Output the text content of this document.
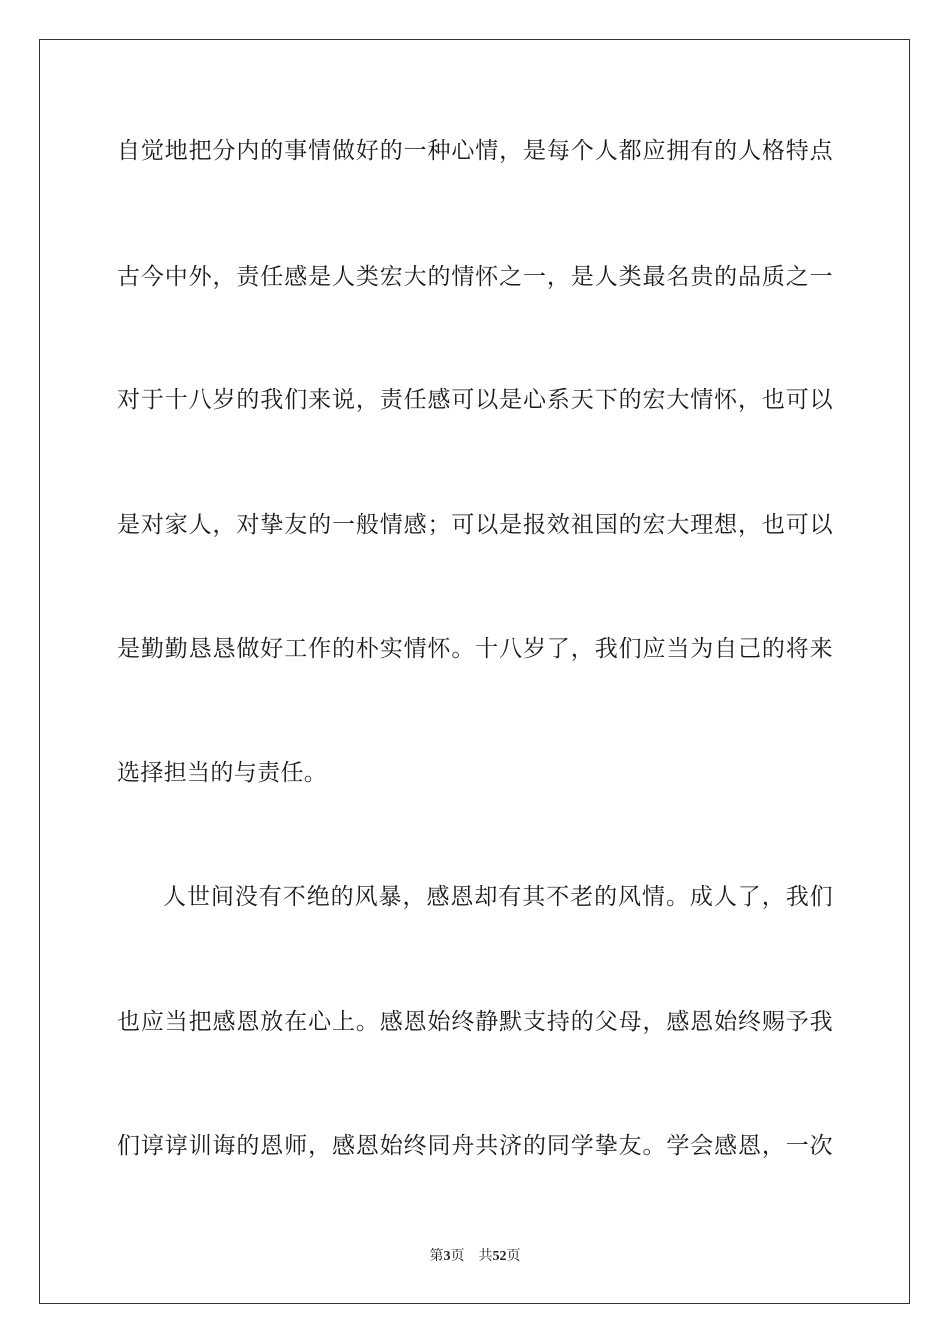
自觉地把分内的事情做好的一种心情，是每个人都应拥有的人格特点
古今中外，责任感是人类宏大的情怀之一，是人类最名贵的品质之一
对于十八岁的我们来说，责任感可以是心系天下的宏大情怀，也可以
是对家人，对挚友的一般情感；可以是报效祖国的宏大理想，也可以
是勤勤恳恳做好工作的朴实情怀。十八岁了，我们应当为自己的将来
选择担当的与责任。
人世间没有不绝的风暴，感恩却有其不老的风情。成人了，我们
也应当把感恩放在心上。感恩始终静默支持的父母，感恩始终赐予我
们谆谆训诲的恩师，感恩始终同舟共济的同学挚友。学会感恩，一次
第3页 共52页
